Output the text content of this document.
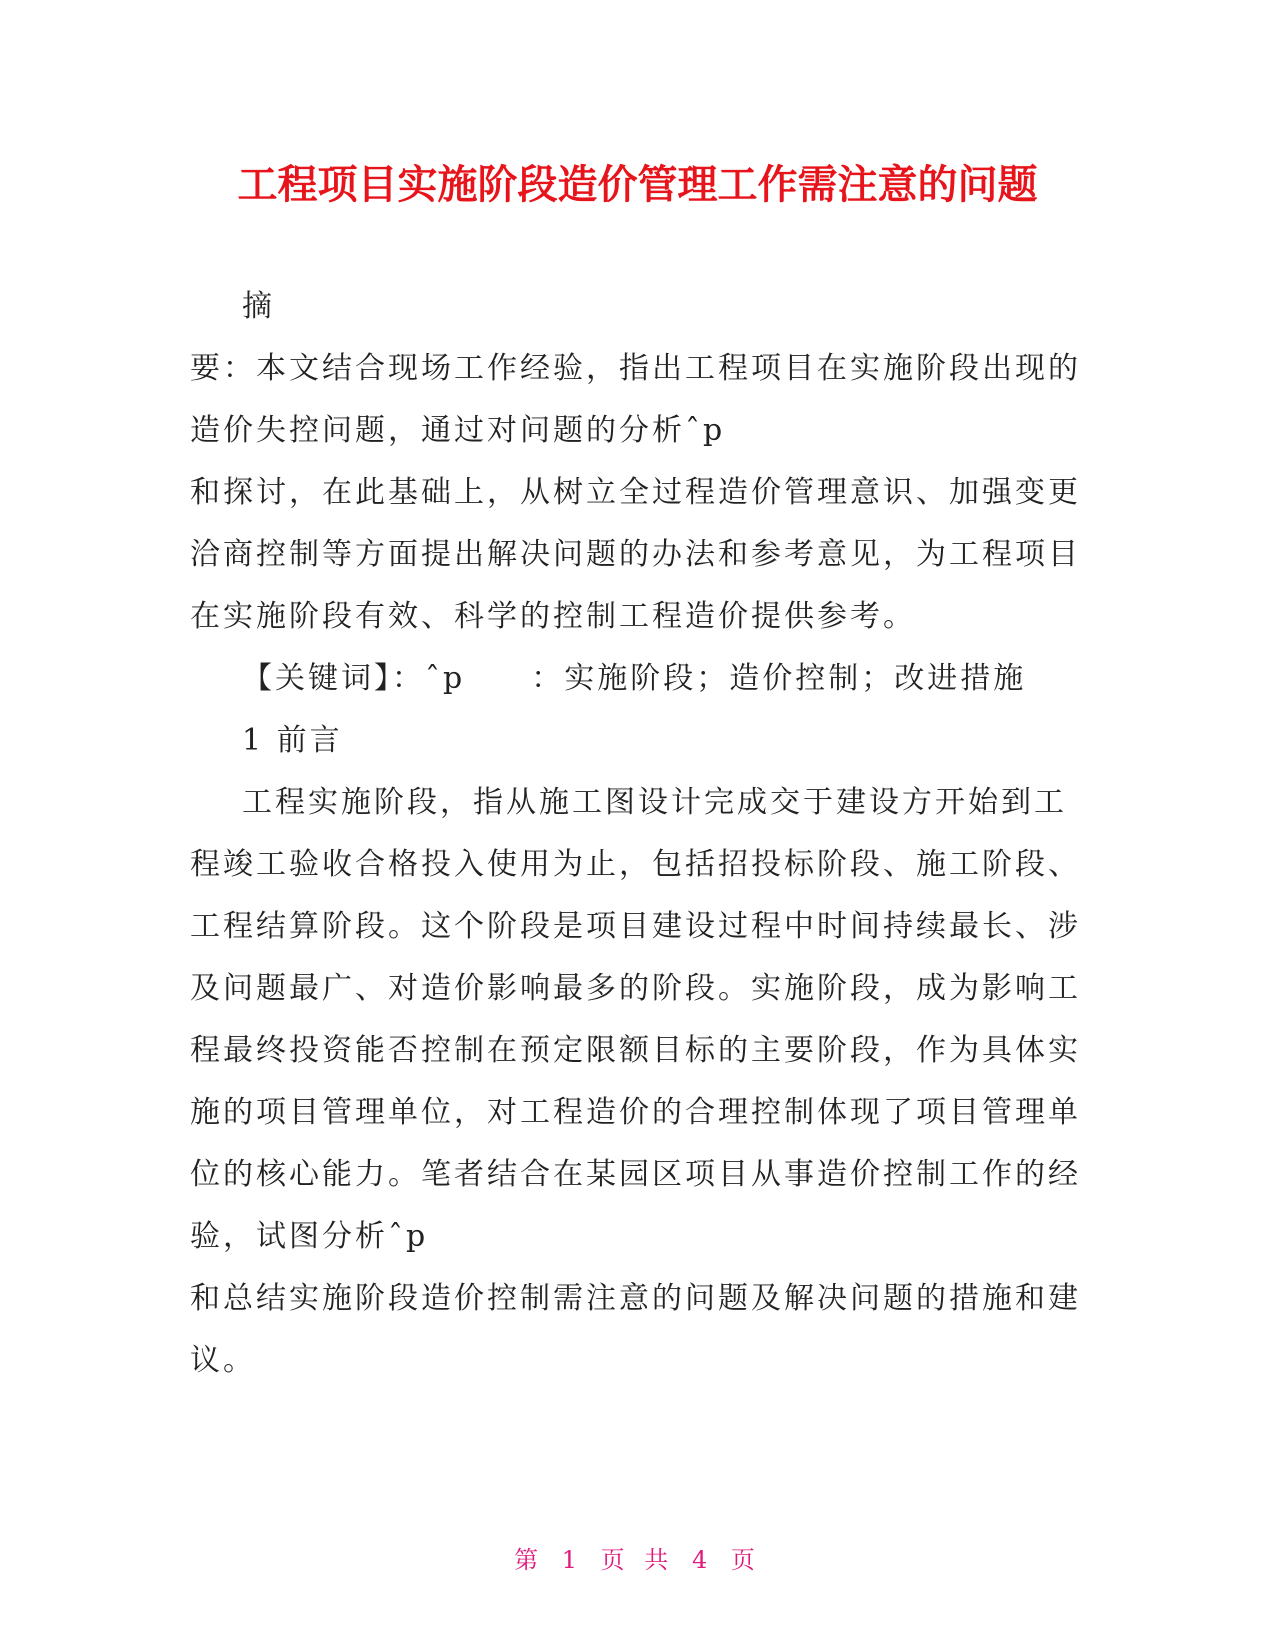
工程项目实施阶段造价管理工作需注意的问题

摘

要：本文结合现场工作经验，指出工程项目在实施阶段出现的

造价失控问题，通过对问题的分析ˆp

和探讨，在此基础上，从树立全过程造价管理意识、加强变更

洽商控制等方面提出解决问题的办法和参考意见，为工程项目

在实施阶段有效、科学的控制工程造价提供参考。

【关键词】：ˆp　　：实施阶段；造价控制；改进措施

1 前言

工程实施阶段，指从施工图设计完成交于建设方开始到工

程竣工验收合格投入使用为止，包括招投标阶段、施工阶段、

工程结算阶段。这个阶段是项目建设过程中时间持续最长、涉

及问题最广、对造价影响最多的阶段。实施阶段，成为影响工

程最终投资能否控制在预定限额目标的主要阶段，作为具体实

施的项目管理单位，对工程造价的合理控制体现了项目管理单

位的核心能力。笔者结合在某园区项目从事造价控制工作的经

验，试图分析ˆp

和总结实施阶段造价控制需注意的问题及解决问题的措施和建

议。

第 1 页 共 4 页
